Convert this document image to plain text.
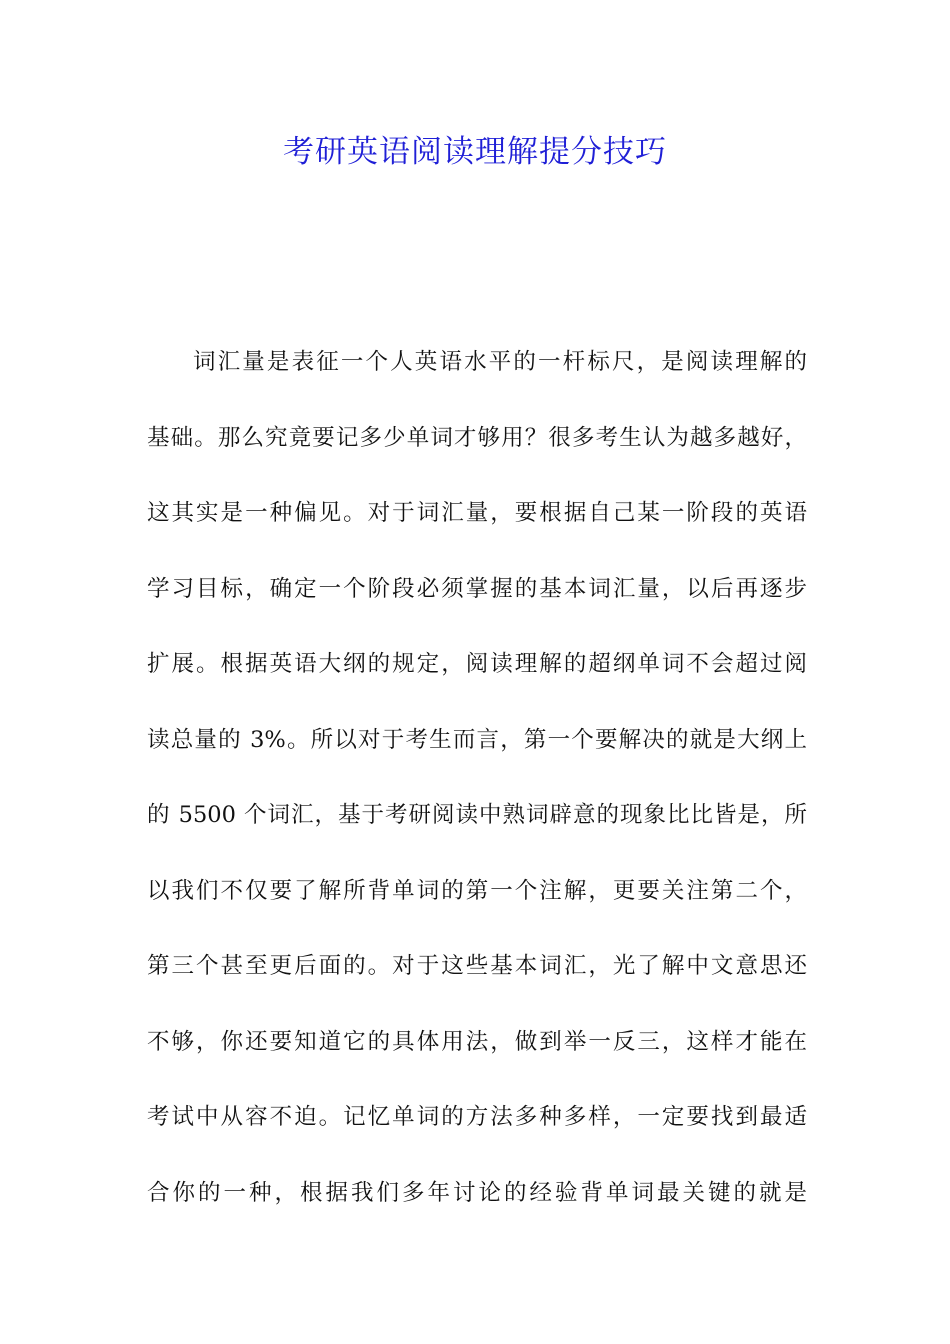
考研英语阅读理解提分技巧
词汇量是表征一个人英语水平的一杆标尺，是阅读理解的
基础。那么究竟要记多少单词才够用？很多考生认为越多越好，
这其实是一种偏见。对于词汇量，要根据自己某一阶段的英语
学习目标，确定一个阶段必须掌握的基本词汇量，以后再逐步
扩展。根据英语大纲的规定，阅读理解的超纲单词不会超过阅
读总量的 3%。所以对于考生而言，第一个要解决的就是大纲上
的 5500 个词汇，基于考研阅读中熟词辟意的现象比比皆是，所
以我们不仅要了解所背单词的第一个注解，更要关注第二个，
第三个甚至更后面的。对于这些基本词汇，光了解中文意思还
不够，你还要知道它的具体用法，做到举一反三，这样才能在
考试中从容不迫。记忆单词的方法多种多样，一定要找到最适
合你的一种，根据我们多年讨论的经验背单词最关键的就是
